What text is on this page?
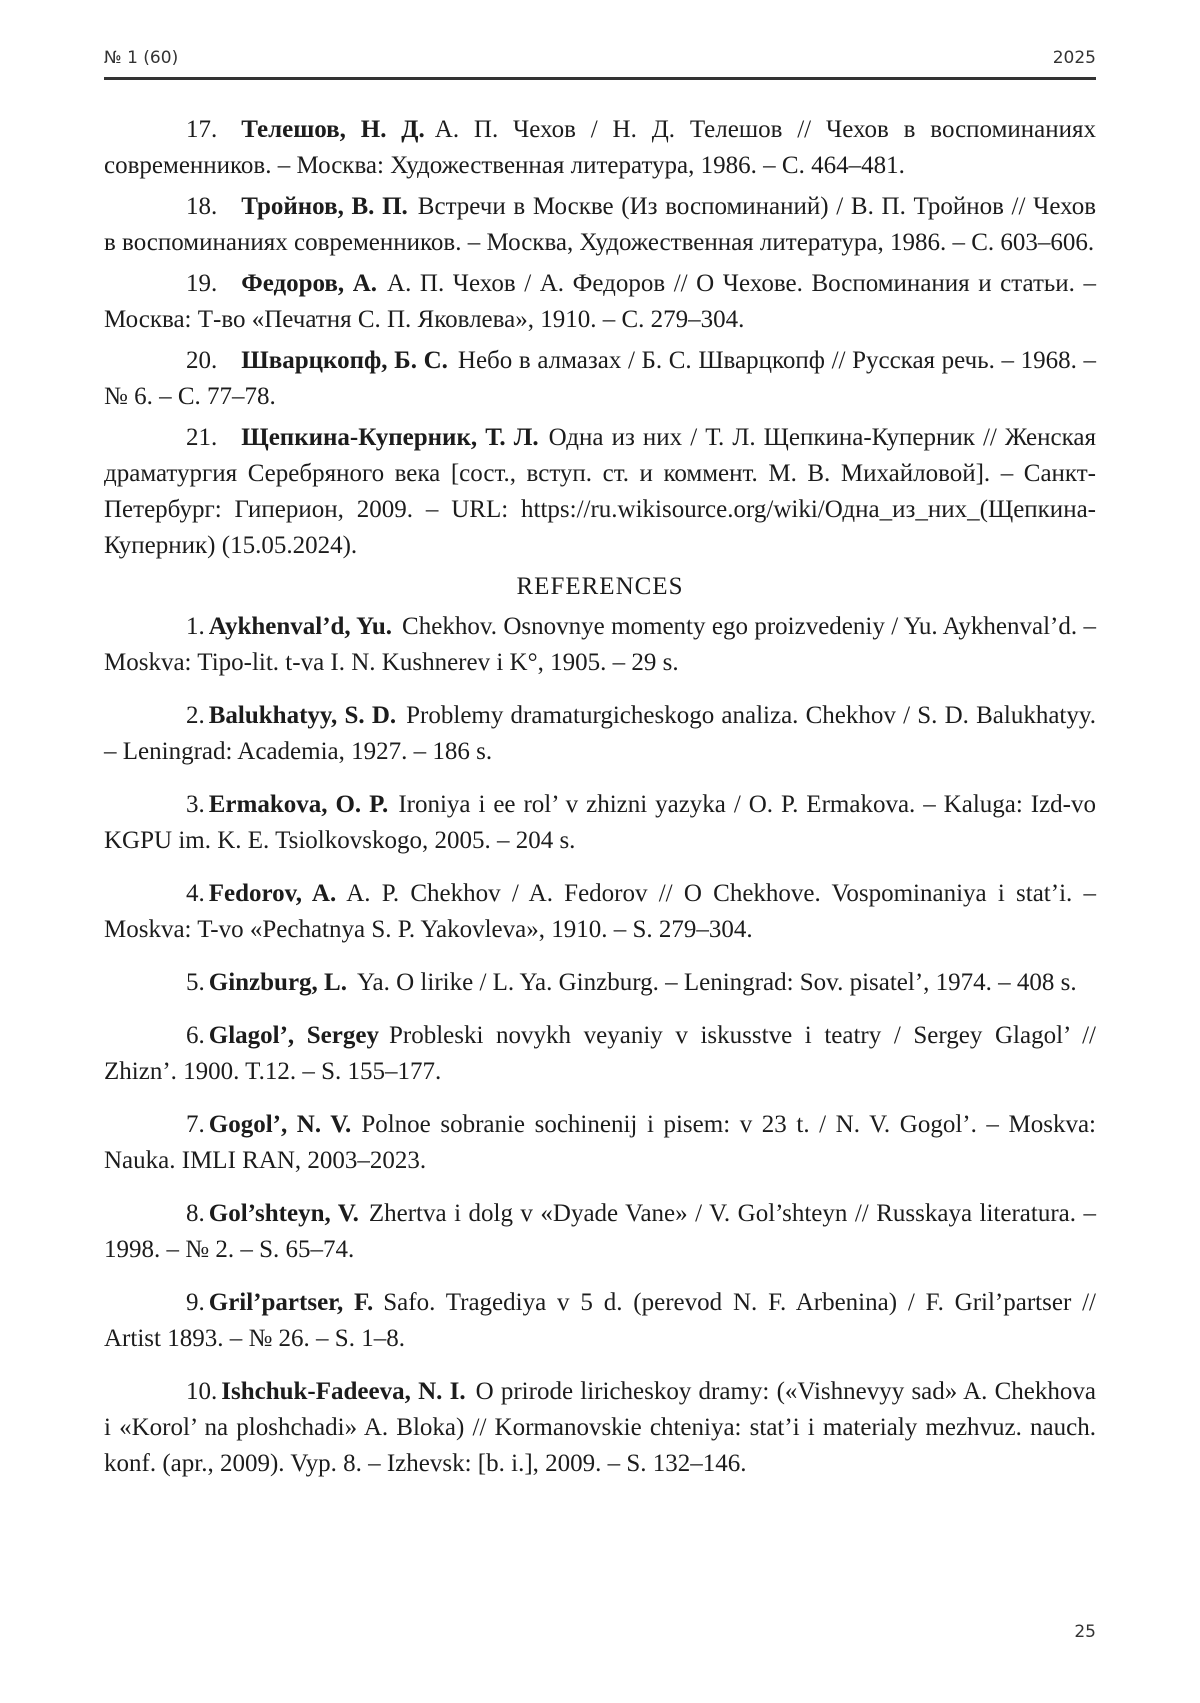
№ 1 (60)	2025

17. Телешов, Н. Д. А. П. Чехов / Н. Д. Телешов // Чехов в воспоминаниях современников. – Москва: Художественная литература, 1986. – С. 464–481.

18. Тройнов, В. П. Встречи в Москве (Из воспоминаний) / В. П. Тройнов // Чехов в воспоминаниях современников. – Москва, Художественная литература, 1986. – С. 603–606.

19. Федоров, А. А. П. Чехов / А. Федоров // О Чехове. Воспоминания и статьи. – Москва: Т-во «Печатня С. П. Яковлева», 1910. – С. 279–304.

20. Шварцкопф, Б. С. Небо в алмазах / Б. С. Шварцкопф // Русская речь. – 1968. – № 6. – С. 77–78.

21. Щепкина-Куперник, Т. Л. Одна из них / Т. Л. Щепкина-Куперник // Женская драматургия Серебряного века [сост., вступ. ст. и коммент. М. В. Михайловой]. – Санкт-Петербург: Гиперион, 2009. – URL: https://ru.wikisource.org/wiki/Одна_из_них_(Щепкина-Куперник) (15.05.2024).

REFERENCES

1. Aykhenval’d, Yu. Chekhov. Osnovnye momenty ego proizvedeniy / Yu. Aykhenval’d. – Moskva: Tipo-lit. t-va I. N. Kushnerev i K°, 1905. – 29 s.

2. Balukhatyy, S. D. Problemy dramaturgicheskogo analiza. Chekhov / S. D. Balukhatyy. – Leningrad: Academia, 1927. – 186 s.

3. Ermakova, O. P. Ironiya i ee rol’ v zhizni yazyka / O. P. Ermakova. – Kaluga: Izd-vo KGPU im. K. E. Tsiolkovskogo, 2005. – 204 s.

4. Fedorov, A. A. P. Chekhov / A. Fedorov // O Chekhove. Vospominaniya i stat’i. – Moskva: T-vo «Pechatnya S. P. Yakovleva», 1910. – S. 279–304.

5. Ginzburg, L. Ya. O lirike / L. Ya. Ginzburg. – Leningrad: Sov. pisatel’, 1974. – 408 s.

6. Glagol’, Sergey Probleski novykh veyaniy v iskusstve i teatry / Sergey Glagol’ // Zhizn’. 1900. T.12. – S. 155–177.

7. Gogol’, N. V. Polnoe sobranie sochinenij i pisem: v 23 t. / N. V. Gogol’. – Moskva: Nauka. IMLI RAN, 2003–2023.

8. Gol’shteyn, V. Zhertva i dolg v «Dyade Vane» / V. Gol’shteyn // Russkaya literatura. – 1998. – № 2. – S. 65–74.

9. Gril’partser, F. Safo. Tragediya v 5 d. (perevod N. F. Arbenina) / F. Gril’partser // Artist 1893. – № 26. – S. 1–8.

10. Ishchuk-Fadeeva, N. I. O prirode liricheskoy dramy: («Vishnevyy sad» A. Chekhova i «Korol’ na ploshchadi» A. Bloka) // Kormanovskie chteniya: stat’i i materialy mezhvuz. nauch. konf. (apr., 2009). Vyp. 8. – Izhevsk: [b. i.], 2009. – S. 132–146.

25
